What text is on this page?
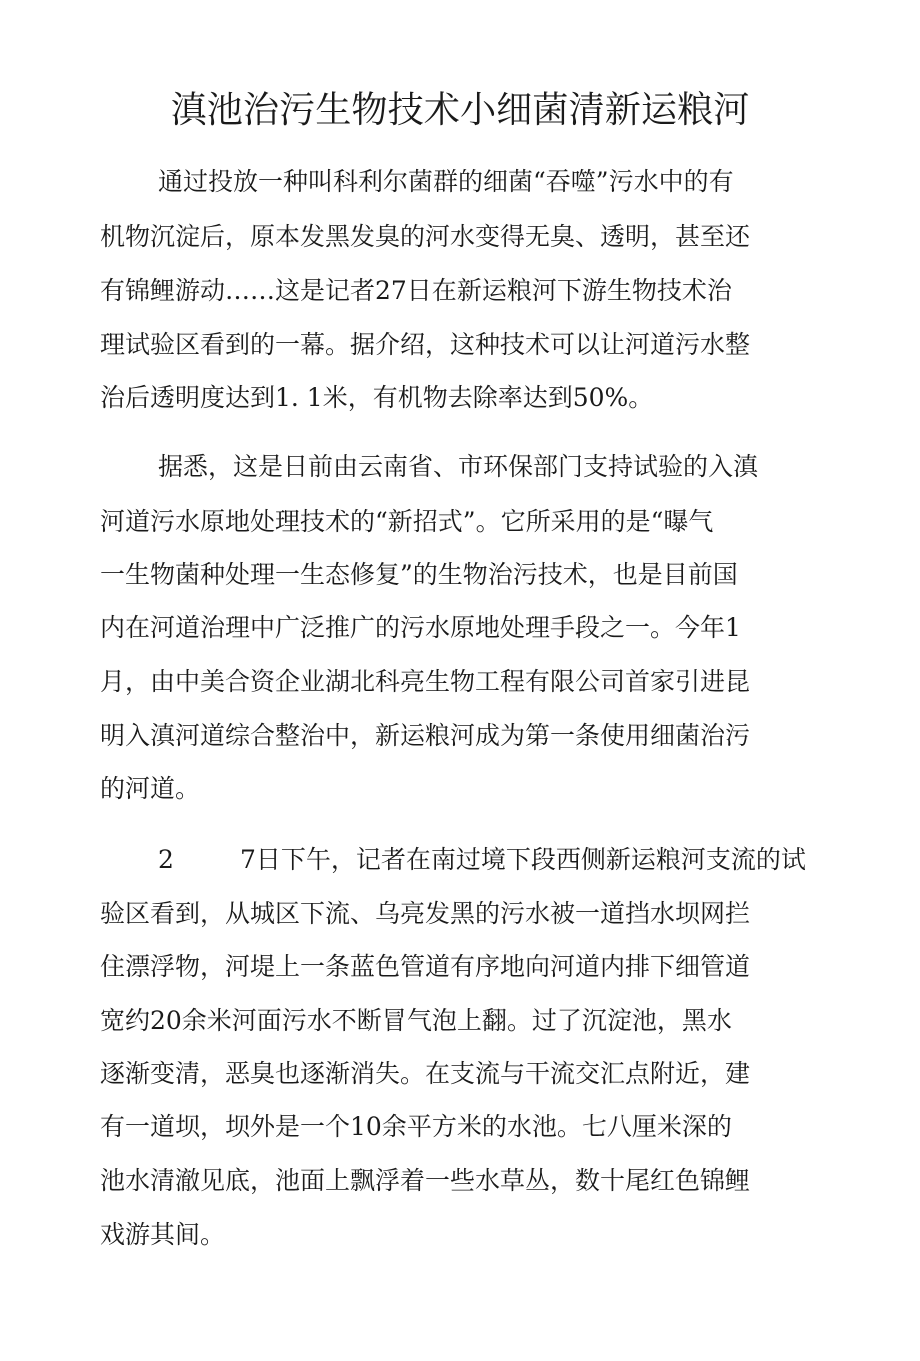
滇池治污生物技术小细菌清新运粮河
通过投放一种叫科利尔菌群的细菌“吞噬”污水中的有
机物沉淀后，原本发黑发臭的河水变得无臭、透明，甚至还
有锦鲤游动……这是记者27日在新运粮河下游生物技术治
理试验区看到的一幕。据介绍，这种技术可以让河道污水整
治后透明度达到1. 1米，有机物去除率达到50%。
据悉，这是日前由云南省、市环保部门支持试验的入滇
河道污水原地处理技术的“新招式”。它所采用的是“曝气
一生物菌种处理一生态修复”的生物治污技术，也是目前国
内在河道治理中广泛推广的污水原地处理手段之一。今年1
月，由中美合资企业湖北科亮生物工程有限公司首家引进昆
明入滇河道综合整治中，新运粮河成为第一条使用细菌治污
的河道。
2	7日下午，记者在南过境下段西侧新运粮河支流的试
验区看到，从城区下流、乌亮发黑的污水被一道挡水坝网拦
住漂浮物，河堤上一条蓝色管道有序地向河道内排下细管道
宽约20余米河面污水不断冒气泡上翻。过了沉淀池，黑水
逐渐变清，恶臭也逐渐消失。在支流与干流交汇点附近，建
有一道坝，坝外是一个10余平方米的水池。七八厘米深的
池水清澈见底，池面上飘浮着一些水草丛，数十尾红色锦鲤
戏游其间。
